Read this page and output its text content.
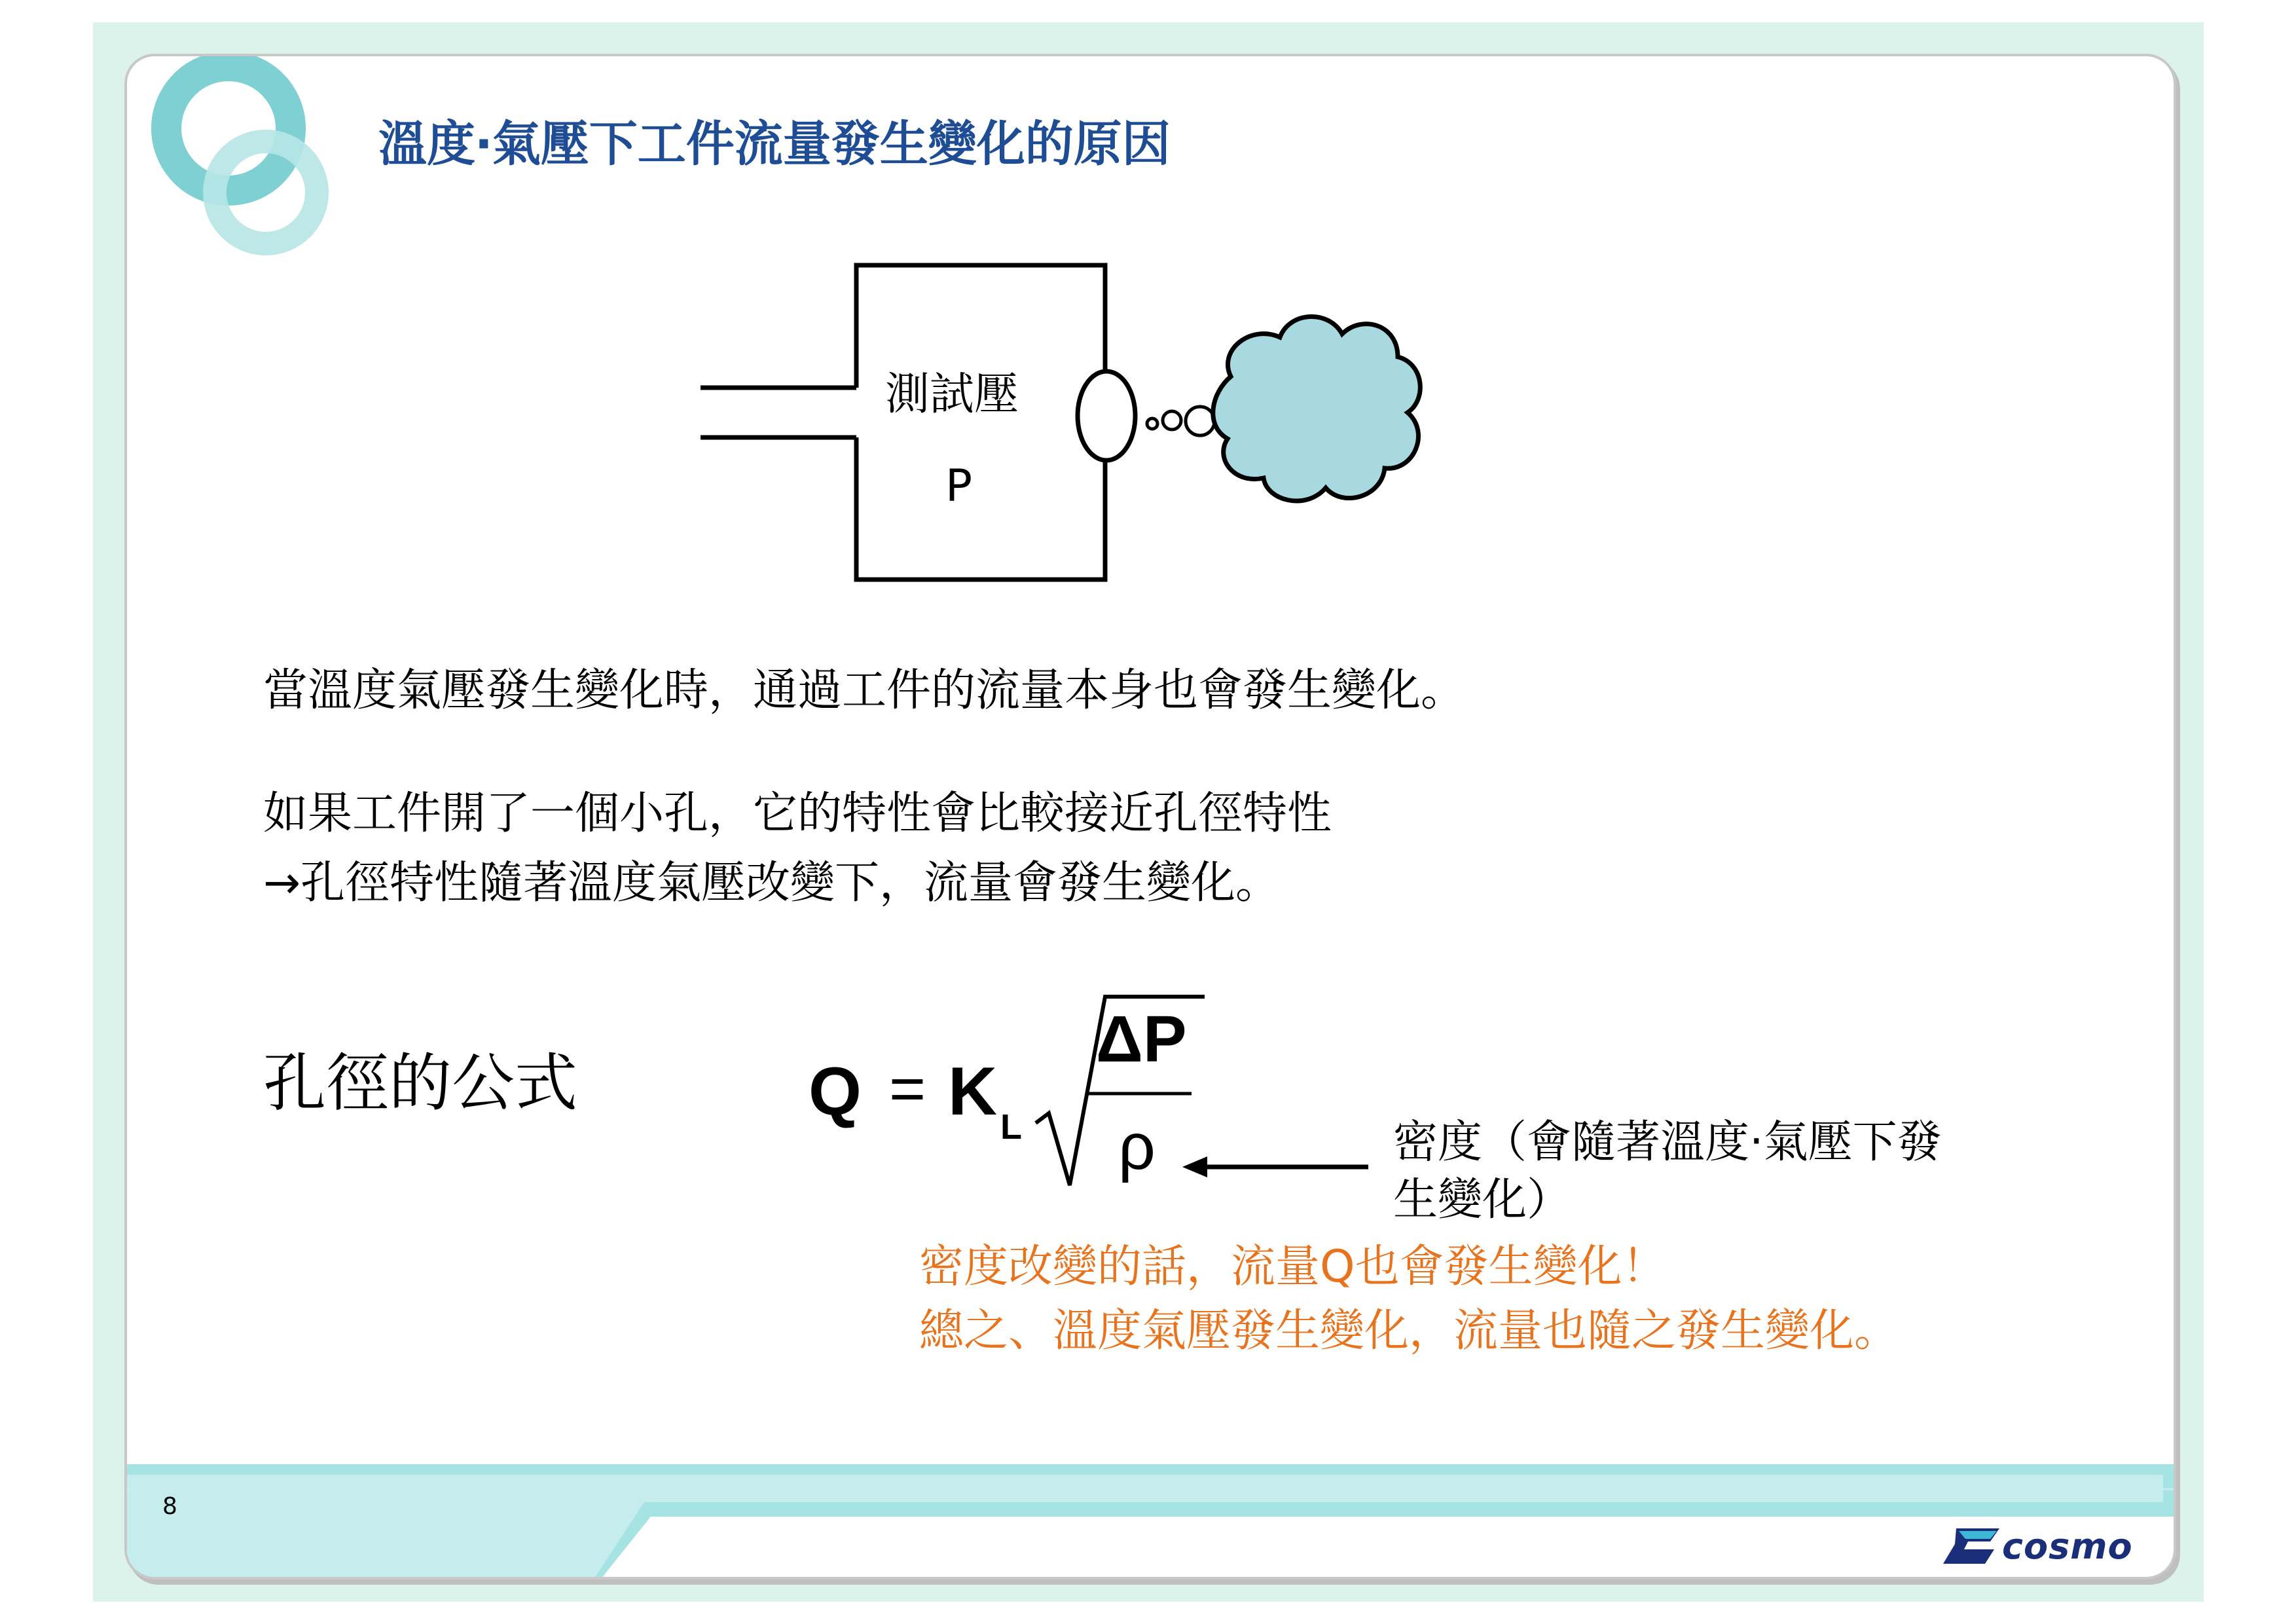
溫度‧氣壓下工件流量發生變化的原因
測試壓
P
當溫度氣壓發生變化時，通過工件的流量本身也會發生變化。
如果工件開了一個小孔，它的特性會比較接近孔徑特性
→孔徑特性隨著溫度氣壓改變下，流量會發生變化。
孔徑的公式	Q = K L
ΔP
ρ	密度（會隨著溫度‧氣壓下發
生變化）
密度改變的話，流量Q也會發生變化！
總之、溫度氣壓發生變化，流量也隨之發生變化。
8
cosmo
